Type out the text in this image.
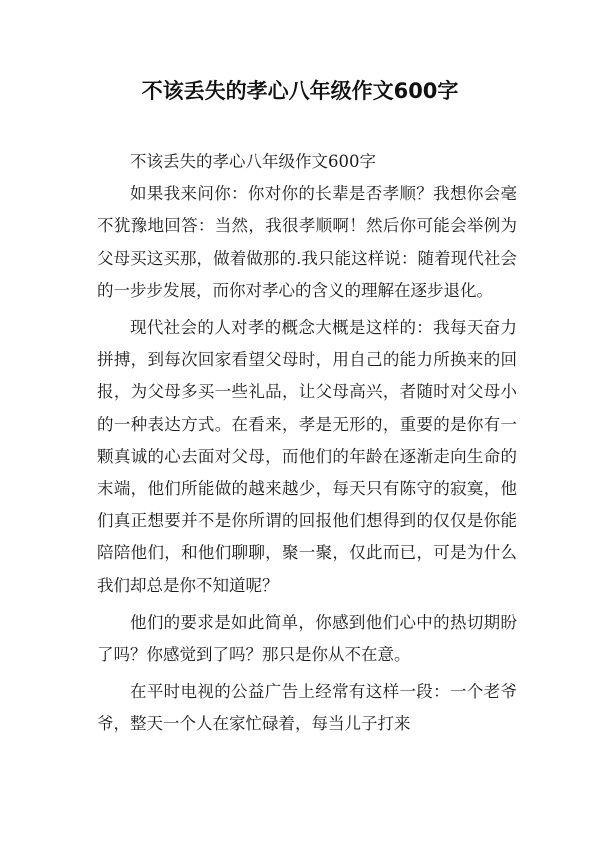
不该丢失的孝心八年级作文600字

不该丢失的孝心八年级作文600字

如果我来问你：你对你的长辈是否孝顺？我想你会毫不犹豫地回答：当然，我很孝顺啊！然后你可能会举例为父母买这买那，做着做那的.我只能这样说：随着现代社会的一步步发展，而你对孝心的含义的理解在逐步退化。

现代社会的人对孝的概念大概是这样的：我每天奋力拼搏，到每次回家看望父母时，用自己的能力所换来的回报，为父母多买一些礼品，让父母高兴，者随时对父母小的一种表达方式。在看来，孝是无形的，重要的是你有一颗真诚的心去面对父母，而他们的年龄在逐渐走向生命的末端，他们所能做的越来越少，每天只有陈守的寂寞，他们真正想要并不是你所谓的回报他们想得到的仅仅是你能陪陪他们，和他们聊聊，聚一聚，仅此而已，可是为什么我们却总是你不知道呢？

他们的要求是如此简单，你感到他们心中的热切期盼了吗？你感觉到了吗？那只是你从不在意。

在平时电视的公益广告上经常有这样一段：一个老爷爷，整天一个人在家忙碌着，每当儿子打来
